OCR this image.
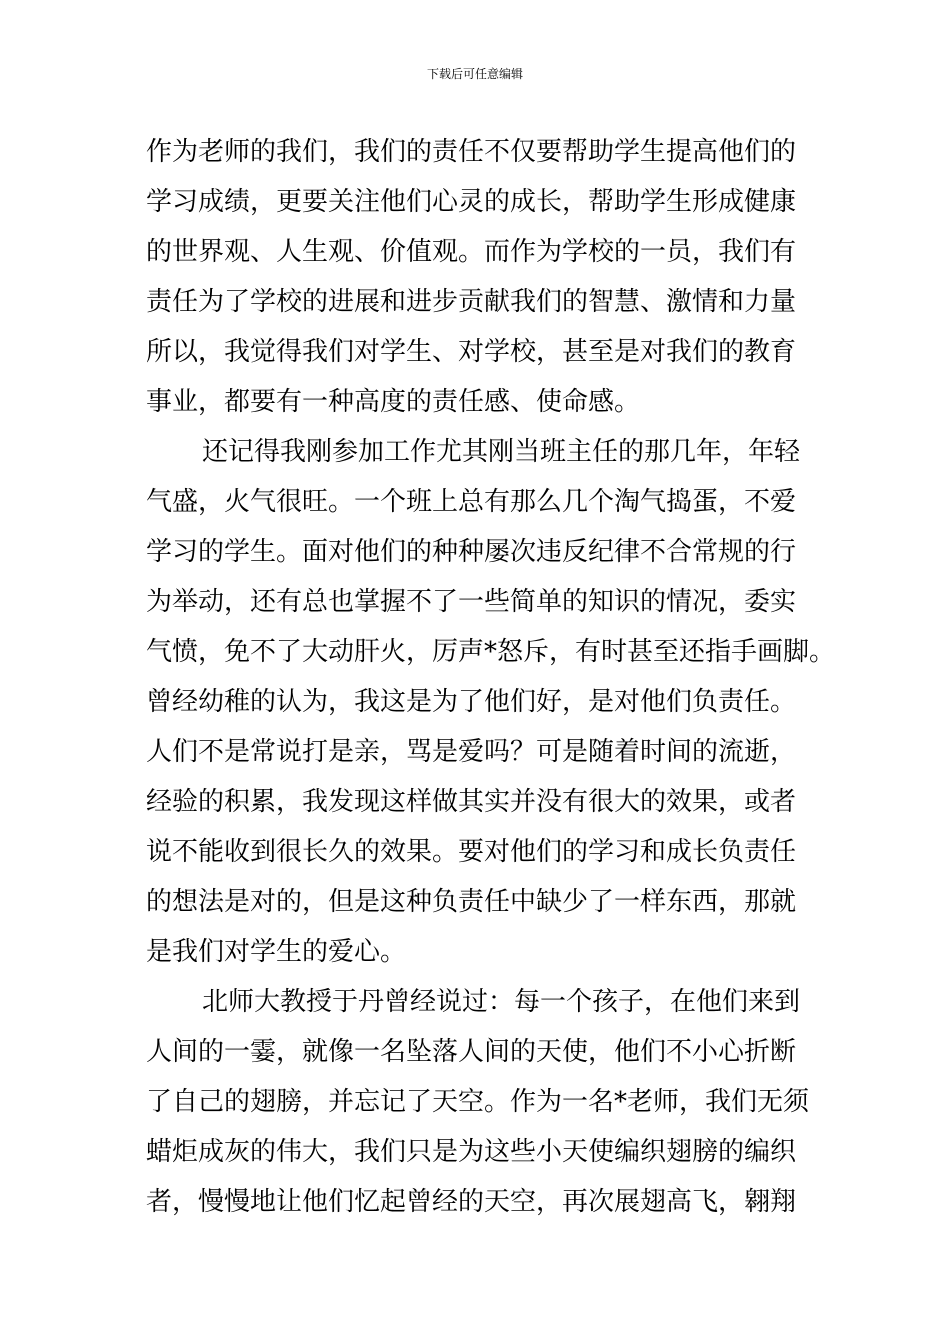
下载后可任意编辑
作为老师的我们，我们的责任不仅要帮助学生提高他们的
学习成绩，更要关注他们心灵的成长，帮助学生形成健康
的世界观、人生观、价值观。而作为学校的一员，我们有
责任为了学校的进展和进步贡献我们的智慧、激情和力量
所以，我觉得我们对学生、对学校，甚至是对我们的教育
事业，都要有一种高度的责任感、使命感。
还记得我刚参加工作尤其刚当班主任的那几年，年轻
气盛，火气很旺。一个班上总有那么几个淘气捣蛋，不爱
学习的学生。面对他们的种种屡次违反纪律不合常规的行
为举动，还有总也掌握不了一些简单的知识的情况，委实
气愤，免不了大动肝火，厉声*怒斥，有时甚至还指手画脚。
曾经幼稚的认为，我这是为了他们好，是对他们负责任。
人们不是常说打是亲，骂是爱吗？可是随着时间的流逝，
经验的积累，我发现这样做其实并没有很大的效果，或者
说不能收到很长久的效果。要对他们的学习和成长负责任
的想法是对的，但是这种负责任中缺少了一样东西，那就
是我们对学生的爱心。
北师大教授于丹曾经说过：每一个孩子，在他们来到
人间的一霎，就像一名坠落人间的天使，他们不小心折断
了自己的翅膀，并忘记了天空。作为一名*老师，我们无须
蜡炬成灰的伟大，我们只是为这些小天使编织翅膀的编织
者，慢慢地让他们忆起曾经的天空，再次展翅高飞，翱翔
